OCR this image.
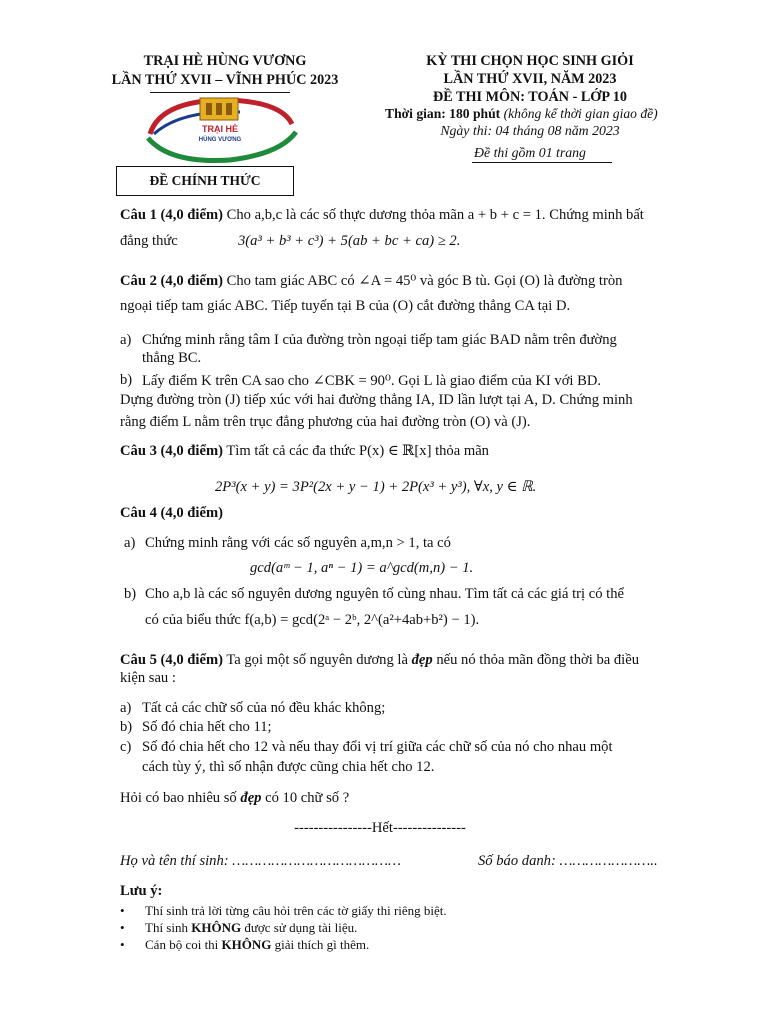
TRẠI HÈ HÙNG VƯƠNG
LẦN THỨ XVII – VĨNH PHÚC 2023
TRẠI HÈ
HÙNG VƯƠNG
ĐỀ CHÍNH THỨC
KỲ THI CHỌN HỌC SINH GIỎI
LẦN THỨ XVII, NĂM 2023
ĐỀ THI MÔN: TOÁN - LỚP 10
Thời gian: 180 phút (không kể thời gian giao đề)
Ngày thi: 04 tháng 08 năm 2023
Đề thi gồm 01 trang
Câu 1 (4,0 điểm) Cho a,b,c là các số thực dương thỏa mãn a + b + c = 1. Chứng minh bất
đẳng thức	3(a³ + b³ + c³) + 5(ab + bc + ca) ≥ 2.
Câu 2 (4,0 điểm) Cho tam giác ABC có ∠A = 45⁰ và góc B tù. Gọi (O) là đường tròn
ngoại tiếp tam giác ABC. Tiếp tuyến tại B của (O) cắt đường thẳng CA tại D.
a) Chứng minh rằng tâm I của đường tròn ngoại tiếp tam giác BAD nằm trên đường
thẳng BC.
b) Lấy điểm K trên CA sao cho ∠CBK = 90⁰. Gọi L là giao điểm của KI với BD.
Dựng đường tròn (J) tiếp xúc với hai đường thẳng IA, ID lần lượt tại A, D. Chứng minh
rằng điểm L nằm trên trục đẳng phương của hai đường tròn (O) và (J).
Câu 3 (4,0 điểm) Tìm tất cả các đa thức P(x) ∈ ℝ[x] thỏa mãn
2P³(x + y) = 3P²(2x + y − 1) + 2P(x³ + y³), ∀x, y ∈ ℝ.
Câu 4 (4,0 điểm)
a) Chứng minh rằng với các số nguyên a,m,n > 1, ta có
gcd(aᵐ − 1, aⁿ − 1) = a^gcd(m,n) − 1.
b) Cho a,b là các số nguyên dương nguyên tố cùng nhau. Tìm tất cả các giá trị có thể
có của biểu thức f(a,b) = gcd(2ᵃ − 2ᵇ, 2^(a²+4ab+b²) − 1).
Câu 5 (4,0 điểm) Ta gọi một số nguyên dương là đẹp nếu nó thỏa mãn đồng thời ba điều
kiện sau :
a) Tất cả các chữ số của nó đều khác không;
b) Số đó chia hết cho 11;
c) Số đó chia hết cho 12 và nếu thay đổi vị trí giữa các chữ số của nó cho nhau một
cách tùy ý, thì số nhận được cũng chia hết cho 12.
Hỏi có bao nhiêu số đẹp có 10 chữ số ?
----------------Hết---------------
Họ và tên thí sinh: …………………………………	Số báo danh: …………………..
Lưu ý:
• Thí sinh trả lời từng câu hỏi trên các tờ giấy thi riêng biệt.
• Thí sinh KHÔNG được sử dụng tài liệu.
• Cán bộ coi thi KHÔNG giải thích gì thêm.
